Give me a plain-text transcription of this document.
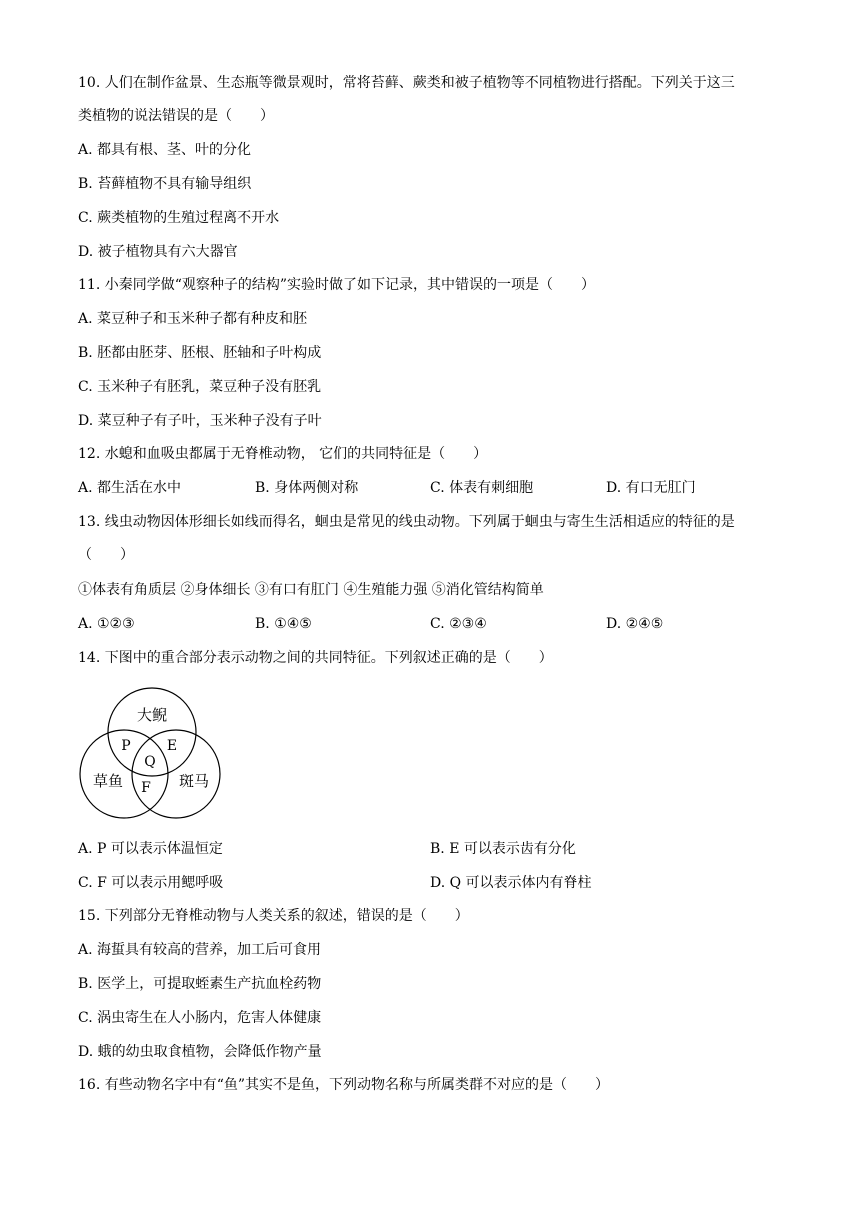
10. 人们在制作盆景、生态瓶等微景观时，常将苔藓、蕨类和被子植物等不同植物进行搭配。下列关于这三
类植物的说法错误的是（　　）
A. 都具有根、茎、叶的分化
B. 苔藓植物不具有输导组织
C. 蕨类植物的生殖过程离不开水
D. 被子植物具有六大器官
11. 小秦同学做“观察种子的结构”实验时做了如下记录，其中错误的一项是（　　）
A. 菜豆种子和玉米种子都有种皮和胚
B. 胚都由胚芽、胚根、胚轴和子叶构成
C. 玉米种子有胚乳，菜豆种子没有胚乳
D. 菜豆种子有子叶，玉米种子没有子叶
12. 水螅和血吸虫都属于无脊椎动物， 它们的共同特征是（　　）
A. 都生活在水中	B. 身体两侧对称	C. 体表有刺细胞	D. 有口无肛门
13. 线虫动物因体形细长如线而得名，蛔虫是常见的线虫动物。下列属于蛔虫与寄生生活相适应的特征的是
（　　）
①体表有角质层 ②身体细长 ③有口有肛门 ④生殖能力强 ⑤消化管结构简单
A. ①②③	B. ①④⑤	C. ②③④	D. ②④⑤
14. 下图中的重合部分表示动物之间的共同特征。下列叙述正确的是（　　）
大鲵
草鱼	斑马
P	E
Q
F
A. P 可以表示体温恒定	B. E 可以表示齿有分化
C. F 可以表示用鳃呼吸	D. Q 可以表示体内有脊柱
15. 下列部分无脊椎动物与人类关系的叙述，错误的是（　　）
A. 海蜇具有较高的营养，加工后可食用
B. 医学上，可提取蛭素生产抗血栓药物
C. 涡虫寄生在人小肠内，危害人体健康
D. 蛾的幼虫取食植物，会降低作物产量
16. 有些动物名字中有“鱼”其实不是鱼，下列动物名称与所属类群不对应的是（　　）
